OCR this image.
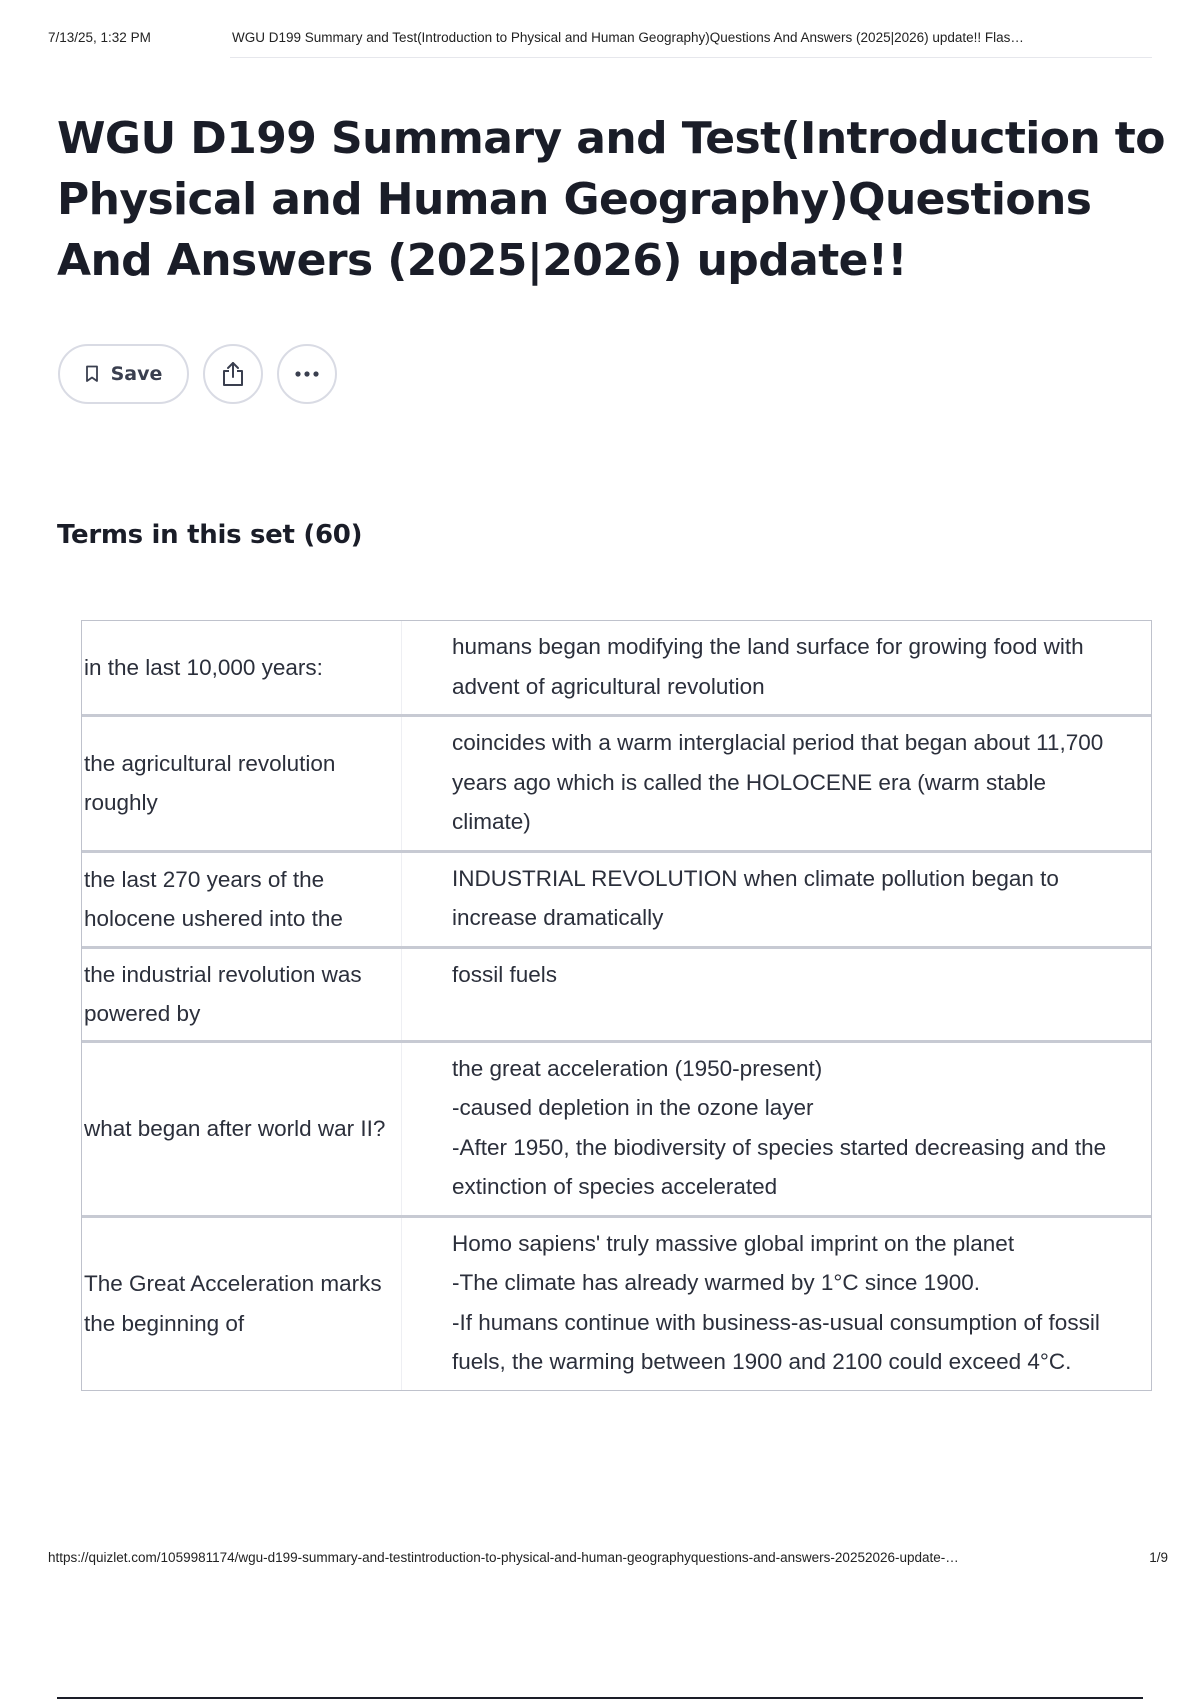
7/13/25, 1:32 PM	WGU D199 Summary and Test(Introduction to Physical and Human Geography)Questions And Answers (2025|2026) update!! Flas…
WGU D199 Summary and Test(Introduction to Physical and Human Geography)Questions And Answers (2025|2026) update!!
Save
Terms in this set (60)
in the last 10,000 years:
humans began modifying the land surface for growing food with advent of agricultural revolution
the agricultural revolution roughly
coincides with a warm interglacial period that began about 11,700 years ago which is called the HOLOCENE era (warm stable climate)
the last 270 years of the holocene ushered into the
INDUSTRIAL REVOLUTION when climate pollution began to increase dramatically
the industrial revolution was powered by
fossil fuels
what began after world war II?
the great acceleration (1950-present)
-caused depletion in the ozone layer
-After 1950, the biodiversity of species started decreasing and the extinction of species accelerated
The Great Acceleration marks the beginning of
Homo sapiens' truly massive global imprint on the planet
-The climate has already warmed by 1°C since 1900.
-If humans continue with business-as-usual consumption of fossil fuels, the warming between 1900 and 2100 could exceed 4°C.
https://quizlet.com/1059981174/wgu-d199-summary-and-testintroduction-to-physical-and-human-geographyquestions-and-answers-20252026-update-…	1/9
